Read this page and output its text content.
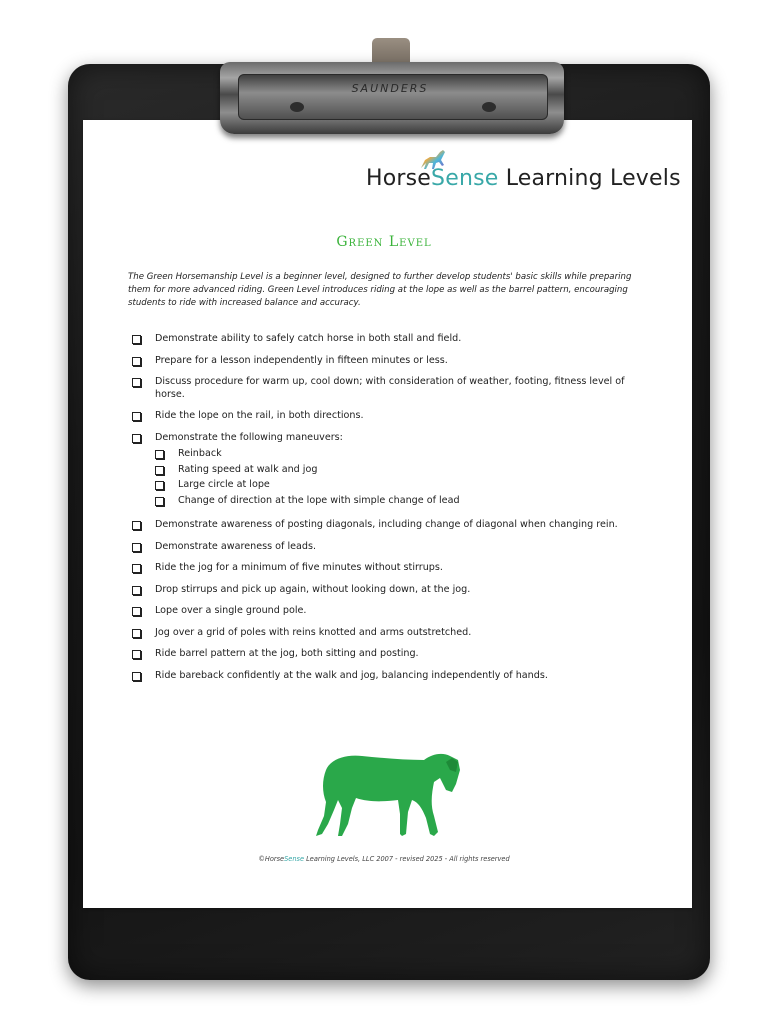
SAUNDERS
HorseSense Learning Levels
Green Level
The Green Horsemanship Level is a beginner level, designed to further develop students' basic skills while preparing them for more advanced riding. Green Level introduces riding at the lope as well as the barrel pattern, encouraging students to ride with increased balance and accuracy.
Demonstrate ability to safely catch horse in both stall and field.
Prepare for a lesson independently in fifteen minutes or less.
Discuss procedure for warm up, cool down; with consideration of weather, footing, fitness level of horse.
Ride the lope on the rail, in both directions.
Demonstrate the following maneuvers:
Reinback
Rating speed at walk and jog
Large circle at lope
Change of direction at the lope with simple change of lead
Demonstrate awareness of posting diagonals, including change of diagonal when changing rein.
Demonstrate awareness of leads.
Ride the jog for a minimum of five minutes without stirrups.
Drop stirrups and pick up again, without looking down, at the jog.
Lope over a single ground pole.
Jog over a grid of poles with reins knotted and arms outstretched.
Ride barrel pattern at the jog, both sitting and posting.
Ride bareback confidently at the walk and jog, balancing independently of hands.
©HorseSense Learning Levels, LLC 2007 - revised 2025 - All rights reserved
